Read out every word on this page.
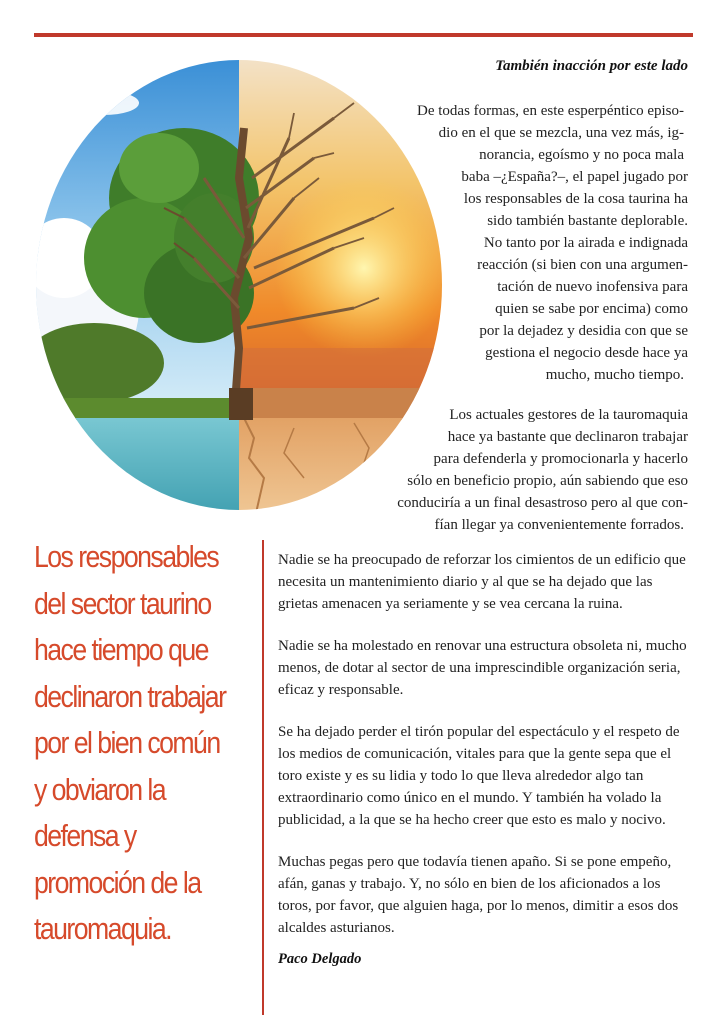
También inacción por este lado
De todas formas, en este esperpéntico episo-
dio en el que se mezcla, una vez más, ig-
norancia, egoísmo y no poca mala
baba –¿España?–, el papel jugado por
los responsables de la cosa taurina ha
sido también bastante deplorable.
No tanto por la airada e indignada
reacción (si bien con una argumen-
tación de nuevo inofensiva para
quien se sabe por encima) como
por la dejadez y desidia con que se
gestiona el negocio desde hace ya
mucho, mucho tiempo.
Los actuales gestores de la tauromaquia
hace ya bastante que declinaron trabajar
para defenderla y promocionarla y hacerlo
sólo en beneficio propio, aún sabiendo que eso
conduciría a un final desastroso pero al que con-
fían llegar ya convenientemente forrados.
Los responsables del sector taurino hace tiempo que declinaron trabajar por el bien común y obviaron la defensa y promoción de la tauromaquia.

Nadie se ha preocupado de reforzar los cimientos de un edificio que necesita un mantenimiento diario y al que se ha dejado que las grietas amenacen ya seriamente y se vea cercana la ruina.

Nadie se ha molestado en renovar una estructura obsoleta ni, mucho menos, de dotar al sector de una imprescindible organización seria, eficaz y responsable.

Se ha dejado perder el tirón popular del espectáculo y el respeto de los medios de comunicación, vitales para que la gente sepa que el toro existe y es su lidia y todo lo que lleva alrededor algo tan extraordinario como único en el mundo. Y también ha volado la publicidad, a la que se ha hecho creer que esto es malo y nocivo.

Muchas pegas pero que todavía tienen apaño. Si se pone empeño, afán, ganas y trabajo. Y, no sólo en bien de los aficionados a los toros, por favor, que alguien haga, por lo menos, dimitir a esos dos alcaldes asturianos.

Paco Delgado
